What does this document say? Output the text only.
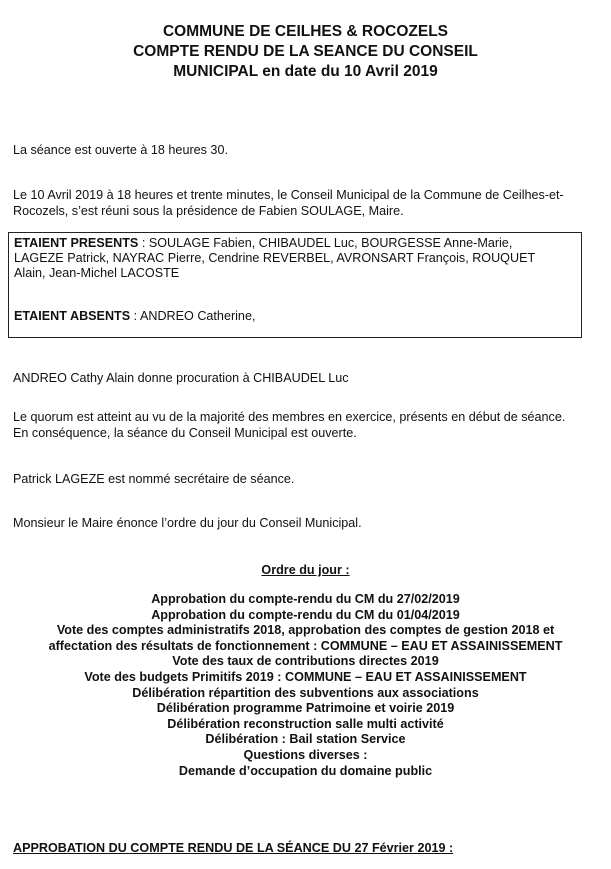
COMMUNE DE CEILHES & ROCOZELS
COMPTE RENDU DE LA SEANCE DU CONSEIL
MUNICIPAL en date du 10 Avril 2019
La séance est ouverte à 18 heures 30.
Le 10 Avril 2019 à 18 heures et trente minutes, le Conseil Municipal de la Commune de Ceilhes-et-
Rocozels, s’est réuni sous la présidence de Fabien SOULAGE, Maire.
ETAIENT PRESENTS : SOULAGE Fabien, CHIBAUDEL Luc, BOURGESSE Anne-Marie,
LAGEZE Patrick, NAYRAC Pierre, Cendrine REVERBEL, AVRONSART François, ROUQUET
Alain, Jean-Michel LACOSTE
ETAIENT ABSENTS : ANDREO Catherine,
ANDREO Cathy Alain donne procuration à CHIBAUDEL Luc
Le quorum est atteint au vu de la majorité des membres en exercice, présents en début de séance.
En conséquence, la séance du Conseil Municipal est ouverte.
Patrick LAGEZE est nommé secrétaire de séance.
Monsieur le Maire énonce l’ordre du jour du Conseil Municipal.
Ordre du jour :
Approbation du compte-rendu du CM du 27/02/2019
Approbation du compte-rendu du CM du 01/04/2019
Vote des comptes administratifs 2018, approbation des comptes de gestion 2018 et
affectation des résultats de fonctionnement : COMMUNE – EAU ET ASSAINISSEMENT
Vote des taux de contributions directes 2019
Vote des budgets Primitifs 2019 : COMMUNE – EAU ET ASSAINISSEMENT
Délibération répartition des subventions aux associations
Délibération programme Patrimoine et voirie 2019
Délibération reconstruction salle multi activité
Délibération : Bail station Service
Questions diverses :
Demande d’occupation du domaine public
APPROBATION DU COMPTE RENDU DE LA SÉANCE DU 27 Février 2019 :
